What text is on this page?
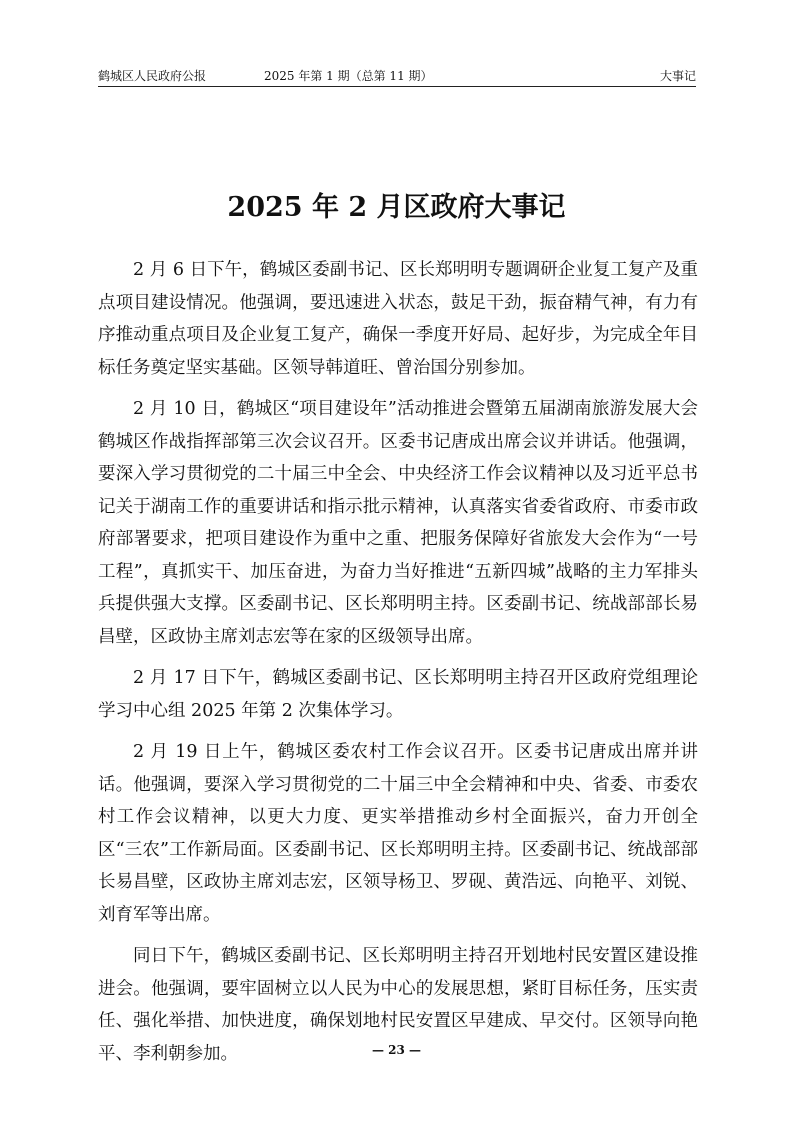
鹤城区人民政府公报	2025 年第 1 期（总第 11 期）	大事记
2025 年 2 月区政府大事记

2 月 6 日下午，鹤城区委副书记、区长郑明明专题调研企业复工复产及重点项目建设情况。他强调，要迅速进入状态，鼓足干劲，振奋精气神，有力有序推动重点项目及企业复工复产，确保一季度开好局、起好步，为完成全年目标任务奠定坚实基础。区领导韩道旺、曾治国分别参加。

2 月 10 日，鹤城区“项目建设年”活动推进会暨第五届湖南旅游发展大会鹤城区作战指挥部第三次会议召开。区委书记唐成出席会议并讲话。他强调，要深入学习贯彻党的二十届三中全会、中央经济工作会议精神以及习近平总书记关于湖南工作的重要讲话和指示批示精神，认真落实省委省政府、市委市政府部署要求，把项目建设作为重中之重、把服务保障好省旅发大会作为“一号工程”，真抓实干、加压奋进，为奋力当好推进“五新四城”战略的主力军排头兵提供强大支撑。区委副书记、区长郑明明主持。区委副书记、统战部部长易昌壁，区政协主席刘志宏等在家的区级领导出席。

2 月 17 日下午，鹤城区委副书记、区长郑明明主持召开区政府党组理论学习中心组 2025 年第 2 次集体学习。

2 月 19 日上午，鹤城区委农村工作会议召开。区委书记唐成出席并讲话。他强调，要深入学习贯彻党的二十届三中全会精神和中央、省委、市委农村工作会议精神，以更大力度、更实举措推动乡村全面振兴，奋力开创全区“三农”工作新局面。区委副书记、区长郑明明主持。区委副书记、统战部部长易昌壁，区政协主席刘志宏，区领导杨卫、罗砚、黄浩远、向艳平、刘锐、刘育军等出席。

同日下午，鹤城区委副书记、区长郑明明主持召开划地村民安置区建设推进会。他强调，要牢固树立以人民为中心的发展思想，紧盯目标任务，压实责任、强化举措、加快进度，确保划地村民安置区早建成、早交付。区领导向艳平、李利朝参加。	— 23 —
